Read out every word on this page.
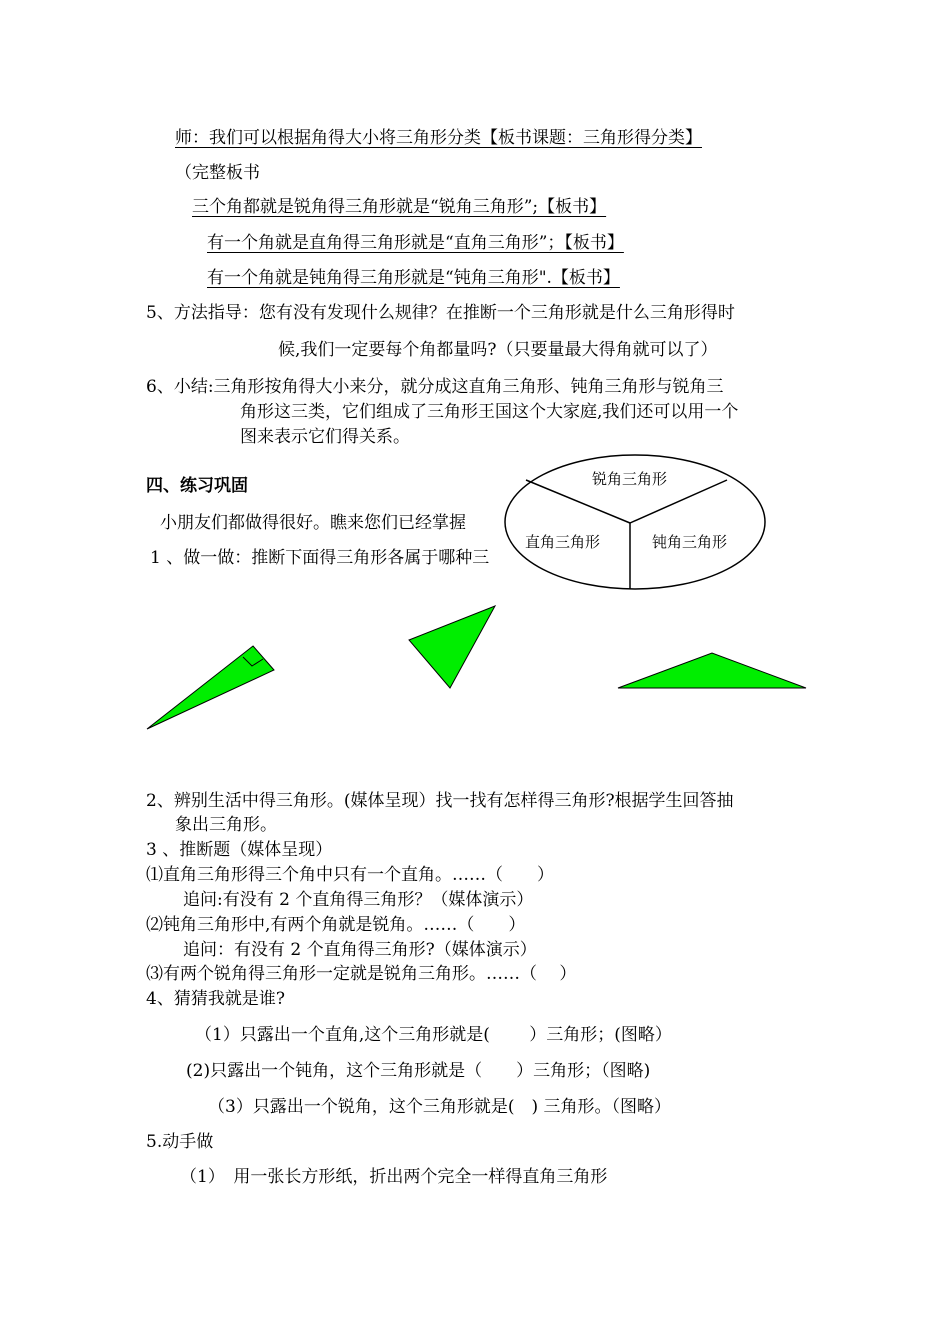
师：我们可以根据角得大小将三角形分类【板书课题：三角形得分类】
（完整板书
三个角都就是锐角得三角形就是“锐角三角形”;【板书】
有一个角就是直角得三角形就是“直角三角形”；【板书】
有一个角就是钝角得三角形就是“钝角三角形".【板书】
5、方法指导：您有没有发现什么规律？在推断一个三角形就是什么三角形得时
候,我们一定要每个角都量吗?（只要量最大得角就可以了）
6、小结:三角形按角得大小来分，就分成这直角三角形、钝角三角形与锐角三
角形这三类，它们组成了三角形王国这个大家庭,我们还可以用一个
图来表示它们得关系。
四、练习巩固
小朋友们都做得很好。瞧来您们已经掌握
1 、做一做：推断下面得三角形各属于哪种三
锐角三角形
直角三角形	钝角三角形
2、辨别生活中得三角形。(媒体呈现）找一找有怎样得三角形?根据学生回答抽
象出三角形。
3 、推断题（媒体呈现）
⑴直角三角形得三个角中只有一个直角。……（　　）
追问:有没有 2 个直角得三角形？（媒体演示）
⑵钝角三角形中,有两个角就是锐角。……（　　）
追问：有没有 2 个直角得三角形?（媒体演示）
⑶有两个锐角得三角形一定就是锐角三角形。……（　 ）
4、猜猜我就是谁?
（1）只露出一个直角,这个三角形就是(　　 ）三角形；(图略）
(2)只露出一个钝角，这个三角形就是（　　）三角形；（图略)
（3）只露出一个锐角，这个三角形就是(　) 三角形。（图略）
5.动手做
（1）　用一张长方形纸，折出两个完全一样得直角三角形
